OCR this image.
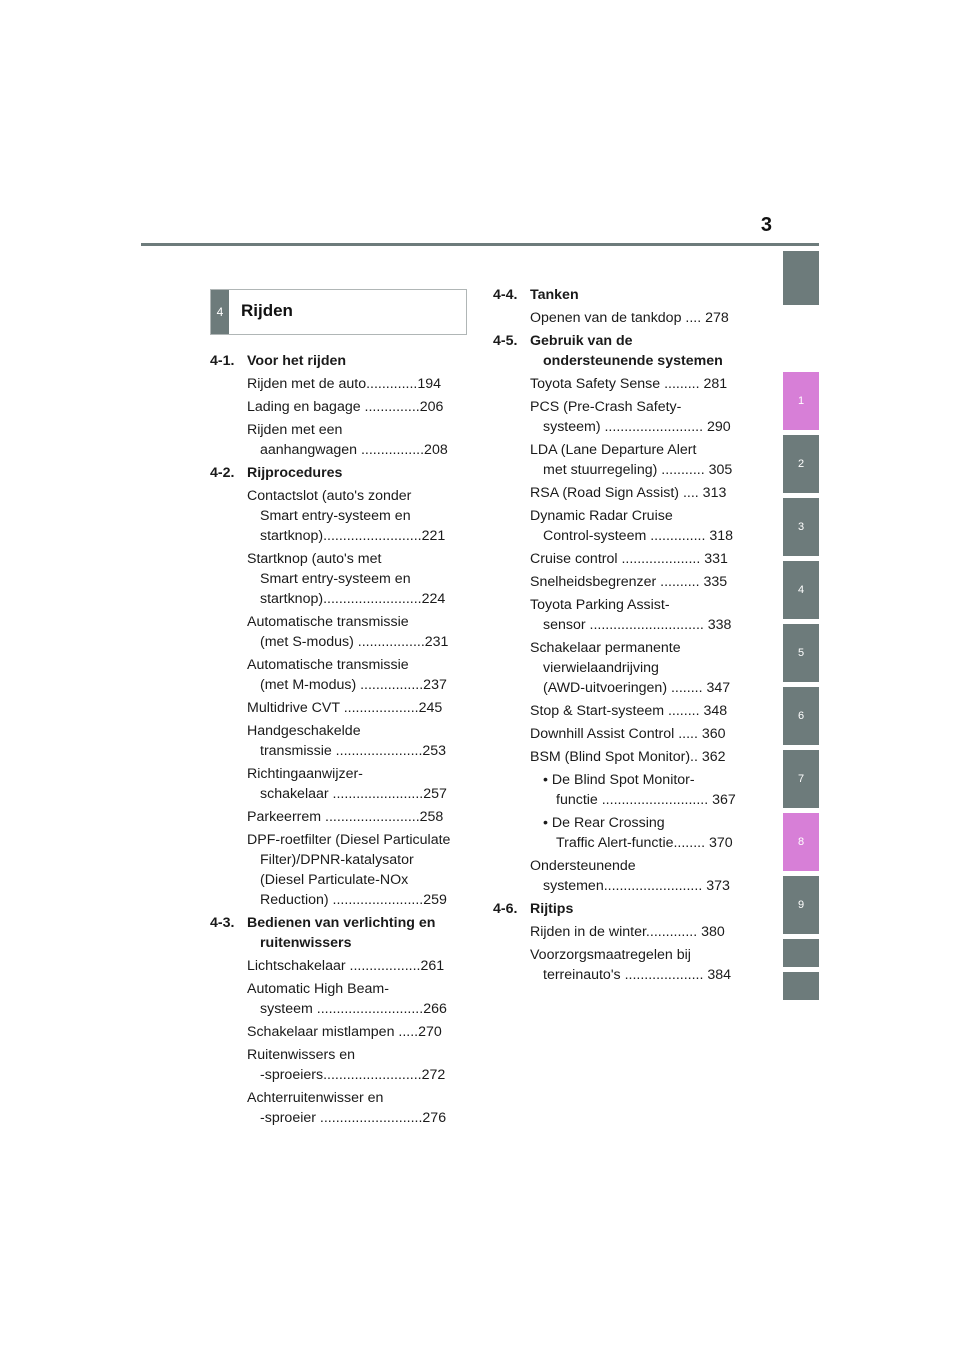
3
1
2
3
4
5
6
7
8
9
4	Rijden
4-1. Voor het rijden
Rijden met de auto.............194
Lading en bagage ..............206
Rijden met een
aanhangwagen ................208
4-2. Rijprocedures
Contactslot (auto's zonder
Smart entry-systeem en
startknop).........................221
Startknop (auto's met
Smart entry-systeem en
startknop).........................224
Automatische transmissie
(met S-modus) .................231
Automatische transmissie
(met M-modus) ................237
Multidrive CVT ...................245
Handgeschakelde
transmissie ......................253
Richtingaanwijzer-
schakelaar .......................257
Parkeerrem ........................258
DPF-roetfilter (Diesel Particulate
Filter)/DPNR-katalysator
(Diesel Particulate-NOx
Reduction) .......................259
4-3. Bedienen van verlichting en ruitenwissers
Lichtschakelaar ..................261
Automatic High Beam-
systeem ...........................266
Schakelaar mistlampen .....270
Ruitenwissers en
-sproeiers.........................272
Achterruitenwisser en
-sproeier ..........................276
4-4. Tanken
Openen van de tankdop .... 278
4-5. Gebruik van de ondersteunende systemen
Toyota Safety Sense ......... 281
PCS (Pre-Crash Safety-
systeem) ......................... 290
LDA (Lane Departure Alert
met stuurregeling) ........... 305
RSA (Road Sign Assist) .... 313
Dynamic Radar Cruise
Control-systeem .............. 318
Cruise control .................... 331
Snelheidsbegrenzer .......... 335
Toyota Parking Assist-
sensor ............................. 338
Schakelaar permanente
vierwielaandrijving
(AWD-uitvoeringen) ........ 347
Stop & Start-systeem ........ 348
Downhill Assist Control ..... 360
BSM (Blind Spot Monitor).. 362
• De Blind Spot Monitor-
functie ........................... 367
• De Rear Crossing
Traffic Alert-functie........ 370
Ondersteunende
systemen......................... 373
4-6. Rijtips
Rijden in de winter............. 380
Voorzorgsmaatregelen bij
terreinauto's .................... 384
